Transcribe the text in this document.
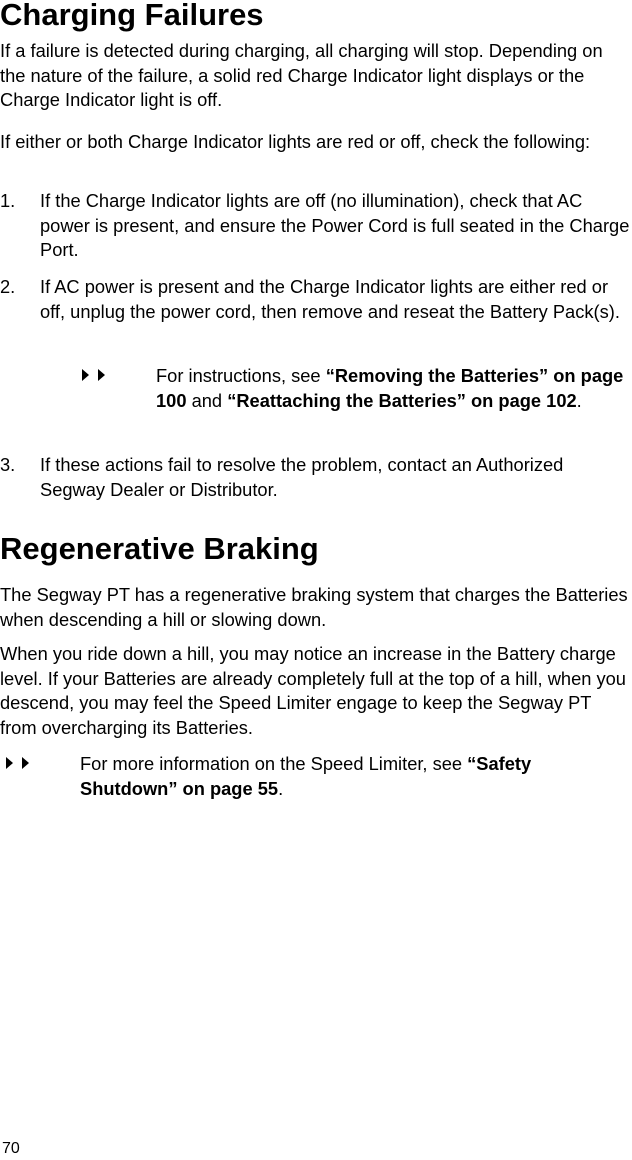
Charging Failures

If a failure is detected during charging, all charging will stop. Depending on the nature of the failure, a solid red Charge Indicator light displays or the Charge Indicator light is off.

If either or both Charge Indicator lights are red or off, check the following:

1. If the Charge Indicator lights are off (no illumination), check that AC power is present, and ensure the Power Cord is full seated in the Charge Port.
2. If AC power is present and the Charge Indicator lights are either red or off, unplug the power cord, then remove and reseat the Battery Pack(s).
For instructions, see “Removing the Batteries” on page 100 and “Reattaching the Batteries” on page 102.
3. If these actions fail to resolve the problem, contact an Authorized Segway Dealer or Distributor.
Regenerative Braking

The Segway PT has a regenerative braking system that charges the Batteries when descending a hill or slowing down.

When you ride down a hill, you may notice an increase in the Battery charge level. If your Batteries are already completely full at the top of a hill, when you descend, you may feel the Speed Limiter engage to keep the Segway PT from overcharging its Batteries.

For more information on the Speed Limiter, see “Safety Shutdown” on page 55.
70
